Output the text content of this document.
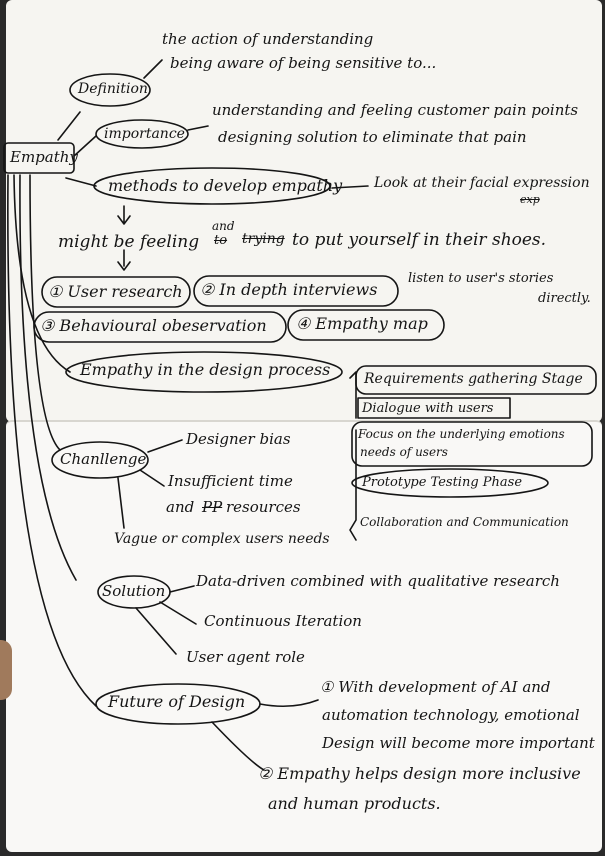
Empathy
Definition
the action of understanding
being aware of being sensitive to...
importance
understanding and feeling customer pain points
designing solution to eliminate that pain
methods to develop empathy Look at their facial expression
exp
might be feeling
and
to trying to put yourself in their shoes.
① User research ② In depth interviews
listen to user's stories
directly.
③ Behavioural obeservation ④ Empathy map
Empathy in the design process Requirements gathering Stage
Dialogue with users
Focus on the underlying emotions
needs of users
Prototype Testing Phase
Collaboration and Communication
Chanllenge
Designer bias
Insufficient time
and PP resources
Vague or complex users needs
Solution
Data-driven combined with qualitative research
Continuous Iteration
User agent role
Future of Design
① With development of AI and
automation technology, emotional
Design will become more important
② Empathy helps design more inclusive
and human products.
